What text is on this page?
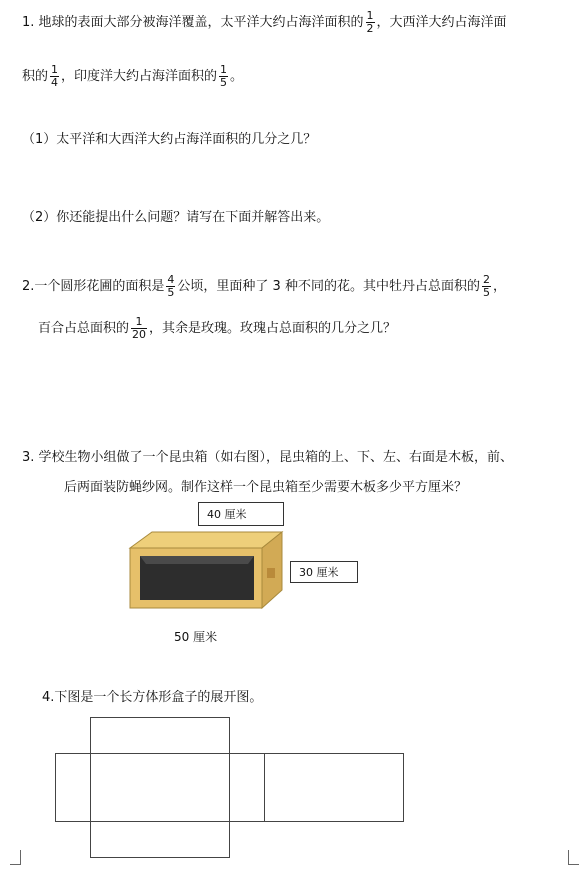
1. 地球的表面大部分被海洋覆盖，太平洋大约占海洋面积的 $\frac{1}{2}$ ，大西洋大约占海洋面
积的 $\frac{1}{4}$ ，印度洋大约占海洋面积的 $\frac{1}{5}$ 。
（1）太平洋和大西洋大约占海洋面积的几分之几？
（2）你还能提出什么问题？请写在下面并解答出来。
2.一个圆形花圃的面积是 $\frac{4}{5}$ 公顷，里面种了 3 种不同的花。其中牡丹占总面积的 $\frac{2}{5}$ ，
百合占总面积的 $\frac{1}{20}$ ，其余是玫瑰。玫瑰占总面积的几分之几？
3. 学校生物小组做了一个昆虫箱（如右图），昆虫箱的上、下、左、右面是木板，前、
后两面装防蝇纱网。制作这样一个昆虫箱至少需要木板多少平方厘米？
40 厘米
30 厘米
50 厘米
4.下图是一个长方体形盒子的展开图。
